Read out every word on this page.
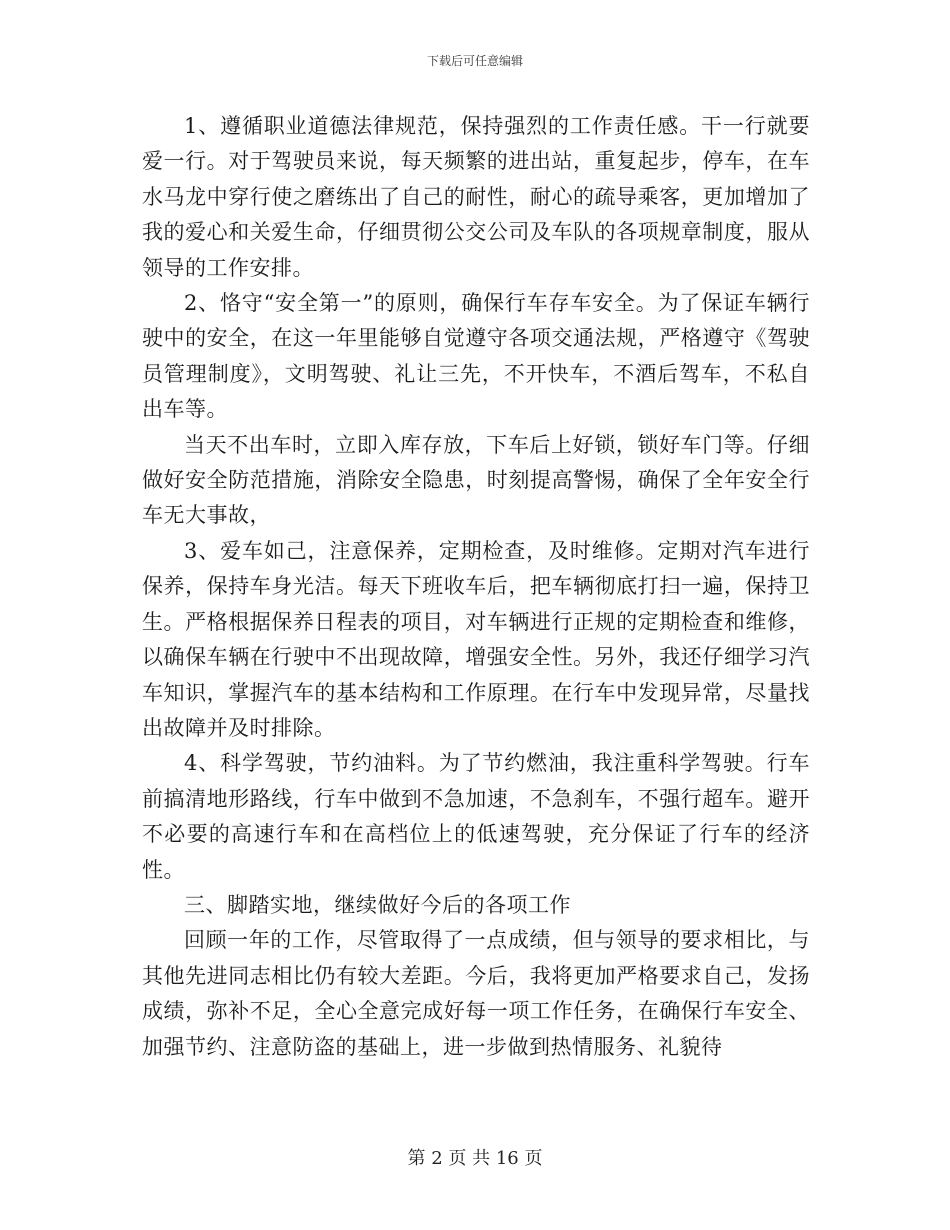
下载后可任意编辑

1、遵循职业道德法律规范，保持强烈的工作责任感。干一行就要爱一行。对于驾驶员来说，每天频繁的进出站，重复起步，停车，在车水马龙中穿行使之磨练出了自己的耐性，耐心的疏导乘客，更加增加了我的爱心和关爱生命，仔细贯彻公交公司及车队的各项规章制度，服从领导的工作安排。

2、恪守“安全第一”的原则，确保行车存车安全。为了保证车辆行驶中的安全，在这一年里能够自觉遵守各项交通法规，严格遵守《驾驶员管理制度》，文明驾驶、礼让三先，不开快车，不酒后驾车，不私自出车等。

当天不出车时，立即入库存放，下车后上好锁，锁好车门等。仔细做好安全防范措施，消除安全隐患，时刻提高警惕，确保了全年安全行车无大事故，

3、爱车如己，注意保养，定期检查，及时维修。定期对汽车进行保养，保持车身光洁。每天下班收车后，把车辆彻底打扫一遍，保持卫生。严格根据保养日程表的项目，对车辆进行正规的定期检查和维修，以确保车辆在行驶中不出现故障，增强安全性。另外，我还仔细学习汽车知识，掌握汽车的基本结构和工作原理。在行车中发现异常，尽量找出故障并及时排除。

4、科学驾驶，节约油料。为了节约燃油，我注重科学驾驶。行车前搞清地形路线，行车中做到不急加速，不急刹车，不强行超车。避开不必要的高速行车和在高档位上的低速驾驶，充分保证了行车的经济性。

三、脚踏实地，继续做好今后的各项工作

回顾一年的工作，尽管取得了一点成绩，但与领导的要求相比，与其他先进同志相比仍有较大差距。今后，我将更加严格要求自己，发扬成绩，弥补不足，全心全意完成好每一项工作任务，在确保行车安全、加强节约、注意防盗的基础上，进一步做到热情服务、礼貌待

第 2 页 共 16 页
